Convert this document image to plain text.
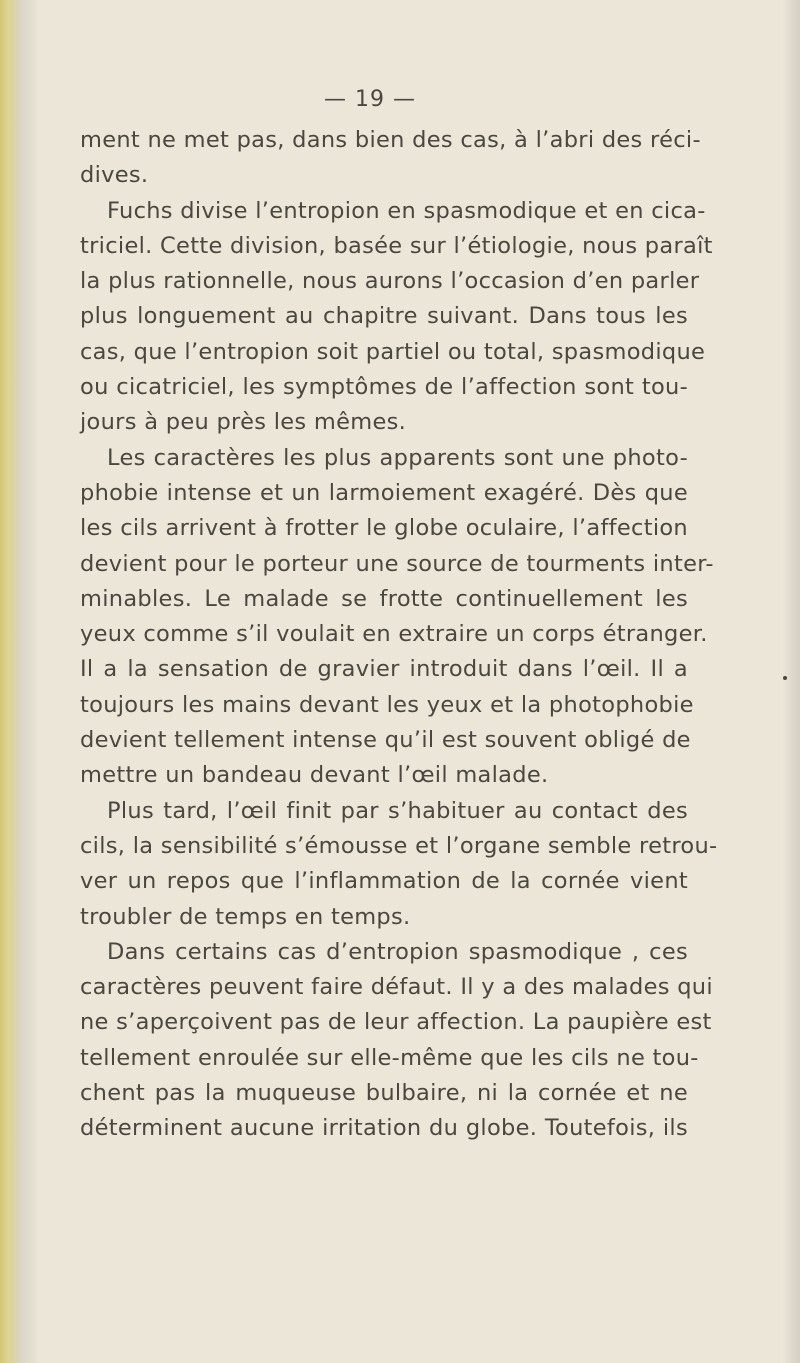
— 19 —
ment ne met pas, dans bien des cas, à l’abri des réci-
dives.
Fuchs divise l’entropion en spasmodique et en cica-
triciel. Cette division, basée sur l’étiologie, nous paraît
la plus rationnelle, nous aurons l’occasion d’en parler
plus longuement au chapitre suivant. Dans tous les
cas, que l’entropion soit partiel ou total, spasmodique
ou cicatriciel, les symptômes de l’affection sont tou-
jours à peu près les mêmes.
Les caractères les plus apparents sont une photo-
phobie intense et un larmoiement exagéré. Dès que
les cils arrivent à frotter le globe oculaire, l’affection
devient pour le porteur une source de tourments inter-
minables. Le malade se frotte continuellement les
yeux comme s’il voulait en extraire un corps étranger.
Il a la sensation de gravier introduit dans l’œil. Il a
toujours les mains devant les yeux et la photophobie
devient tellement intense qu’il est souvent obligé de
mettre un bandeau devant l’œil malade.
Plus tard, l’œil finit par s’habituer au contact des
cils, la sensibilité s’émousse et l’organe semble retrou-
ver un repos que l’inflammation de la cornée vient
troubler de temps en temps.
Dans certains cas d’entropion spasmodique , ces
caractères peuvent faire défaut. Il y a des malades qui
ne s’aperçoivent pas de leur affection. La paupière est
tellement enroulée sur elle-même que les cils ne tou-
chent pas la muqueuse bulbaire, ni la cornée et ne
déterminent aucune irritation du globe. Toutefois, ils
